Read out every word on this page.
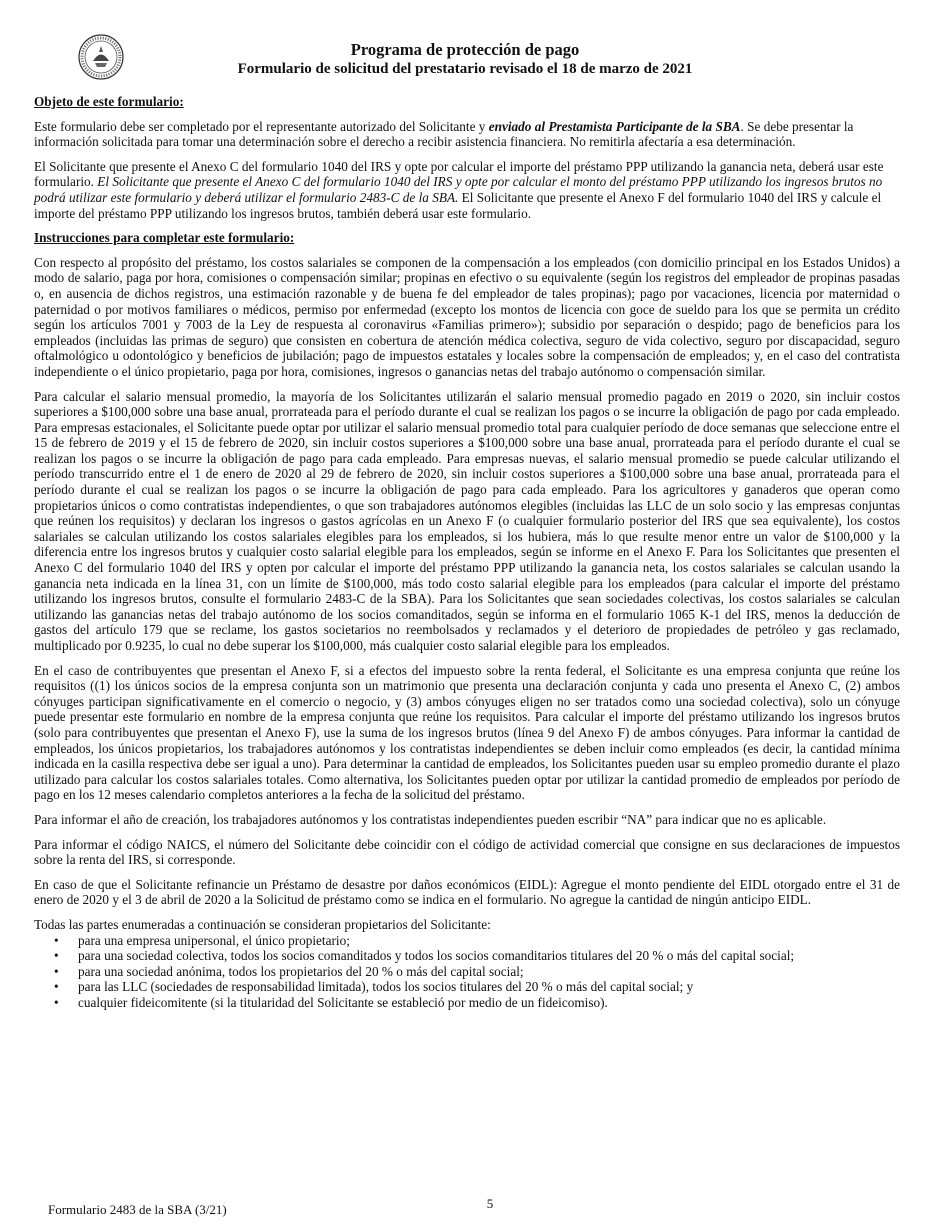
Programa de protección de pago
Formulario de solicitud del prestatario revisado el 18 de marzo de 2021
Objeto de este formulario:

Este formulario debe ser completado por el representante autorizado del Solicitante y enviado al Prestamista Participante de la SBA. Se debe presentar la información solicitada para tomar una determinación sobre el derecho a recibir asistencia financiera. No remitirla afectaría a esa determinación.

El Solicitante que presente el Anexo C del formulario 1040 del IRS y opte por calcular el importe del préstamo PPP utilizando la ganancia neta, deberá usar este formulario. El Solicitante que presente el Anexo C del formulario 1040 del IRS y opte por calcular el monto del préstamo PPP utilizando los ingresos brutos no podrá utilizar este formulario y deberá utilizar el formulario 2483-C de la SBA. El Solicitante que presente el Anexo F del formulario 1040 del IRS y calcule el importe del préstamo PPP utilizando los ingresos brutos, también deberá usar este formulario.

Instrucciones para completar este formulario:

Con respecto al propósito del préstamo, los costos salariales se componen de la compensación a los empleados (con domicilio principal en los Estados Unidos) a modo de salario, paga por hora, comisiones o compensación similar; propinas en efectivo o su equivalente (según los registros del empleador de propinas pasadas o, en ausencia de dichos registros, una estimación razonable y de buena fe del empleador de tales propinas); pago por vacaciones, licencia por maternidad o paternidad o por motivos familiares o médicos, permiso por enfermedad (excepto los montos de licencia con goce de sueldo para los que se permita un crédito según los artículos 7001 y 7003 de la Ley de respuesta al coronavirus «Familias primero»); subsidio por separación o despido; pago de beneficios para los empleados (incluidas las primas de seguro) que consisten en cobertura de atención médica colectiva, seguro de vida colectivo, seguro por discapacidad, seguro oftalmológico u odontológico y beneficios de jubilación; pago de impuestos estatales y locales sobre la compensación de empleados; y, en el caso del contratista independiente o el único propietario, paga por hora, comisiones, ingresos o ganancias netas del trabajo autónomo o compensación similar.

Para calcular el salario mensual promedio, la mayoría de los Solicitantes utilizarán el salario mensual promedio pagado en 2019 o 2020, sin incluir costos superiores a $100,000 sobre una base anual, prorrateada para el período durante el cual se realizan los pagos o se incurre la obligación de pago por cada empleado. Para empresas estacionales, el Solicitante puede optar por utilizar el salario mensual promedio total para cualquier período de doce semanas que seleccione entre el 15 de febrero de 2019 y el 15 de febrero de 2020, sin incluir costos superiores a $100,000 sobre una base anual, prorrateada para el período durante el cual se realizan los pagos o se incurre la obligación de pago para cada empleado. Para empresas nuevas, el salario mensual promedio se puede calcular utilizando el período transcurrido entre el 1 de enero de 2020 al 29 de febrero de 2020, sin incluir costos superiores a $100,000 sobre una base anual, prorrateada para el período durante el cual se realizan los pagos o se incurre la obligación de pago para cada empleado. Para los agricultores y ganaderos que operan como propietarios únicos o como contratistas independientes, o que son trabajadores autónomos elegibles (incluidas las LLC de un solo socio y las empresas conjuntas que reúnen los requisitos) y declaran los ingresos o gastos agrícolas en un Anexo F (o cualquier formulario posterior del IRS que sea equivalente), los costos salariales se calculan utilizando los costos salariales elegibles para los empleados, si los hubiera, más lo que resulte menor entre un valor de $100,000 y la diferencia entre los ingresos brutos y cualquier costo salarial elegible para los empleados, según se informe en el Anexo F. Para los Solicitantes que presenten el Anexo C del formulario 1040 del IRS y opten por calcular el importe del préstamo PPP utilizando la ganancia neta, los costos salariales se calculan usando la ganancia neta indicada en la línea 31, con un límite de $100,000, más todo costo salarial elegible para los empleados (para calcular el importe del préstamo utilizando los ingresos brutos, consulte el formulario 2483-C de la SBA). Para los Solicitantes que sean sociedades colectivas, los costos salariales se calculan utilizando las ganancias netas del trabajo autónomo de los socios comanditados, según se informa en el formulario 1065 K-1 del IRS, menos la deducción de gastos del artículo 179 que se reclame, los gastos societarios no reembolsados y reclamados y el deterioro de propiedades de petróleo y gas reclamado, multiplicado por 0.9235, lo cual no debe superar los $100,000, más cualquier costo salarial elegible para los empleados.

En el caso de contribuyentes que presentan el Anexo F, si a efectos del impuesto sobre la renta federal, el Solicitante es una empresa conjunta que reúne los requisitos ((1) los únicos socios de la empresa conjunta son un matrimonio que presenta una declaración conjunta y cada uno presenta el Anexo C, (2) ambos cónyuges participan significativamente en el comercio o negocio, y (3) ambos cónyuges eligen no ser tratados como una sociedad colectiva), solo un cónyuge puede presentar este formulario en nombre de la empresa conjunta que reúne los requisitos. Para calcular el importe del préstamo utilizando los ingresos brutos (solo para contribuyentes que presentan el Anexo F), use la suma de los ingresos brutos (línea 9 del Anexo F) de ambos cónyuges. Para informar la cantidad de empleados, los únicos propietarios, los trabajadores autónomos y los contratistas independientes se deben incluir como empleados (es decir, la cantidad mínima indicada en la casilla respectiva debe ser igual a uno). Para determinar la cantidad de empleados, los Solicitantes pueden usar su empleo promedio durante el plazo utilizado para calcular los costos salariales totales. Como alternativa, los Solicitantes pueden optar por utilizar la cantidad promedio de empleados por período de pago en los 12 meses calendario completos anteriores a la fecha de la solicitud del préstamo.

Para informar el año de creación, los trabajadores autónomos y los contratistas independientes pueden escribir “NA” para indicar que no es aplicable.

Para informar el código NAICS, el número del Solicitante debe coincidir con el código de actividad comercial que consigne en sus declaraciones de impuestos sobre la renta del IRS, si corresponde.

En caso de que el Solicitante refinancie un Préstamo de desastre por daños económicos (EIDL): Agregue el monto pendiente del EIDL otorgado entre el 31 de enero de 2020 y el 3 de abril de 2020 a la Solicitud de préstamo como se indica en el formulario. No agregue la cantidad de ningún anticipo EIDL.

Todas las partes enumeradas a continuación se consideran propietarios del Solicitante:

• para una empresa unipersonal, el único propietario;
• para una sociedad colectiva, todos los socios comanditados y todos los socios comanditarios titulares del 20 % o más del capital social;
• para una sociedad anónima, todos los propietarios del 20 % o más del capital social;
• para las LLC (sociedades de responsabilidad limitada), todos los socios titulares del 20 % o más del capital social; y
• cualquier fideicomitente (si la titularidad del Solicitante se estableció por medio de un fideicomiso).
Formulario 2483 de la SBA (3/21)	5
